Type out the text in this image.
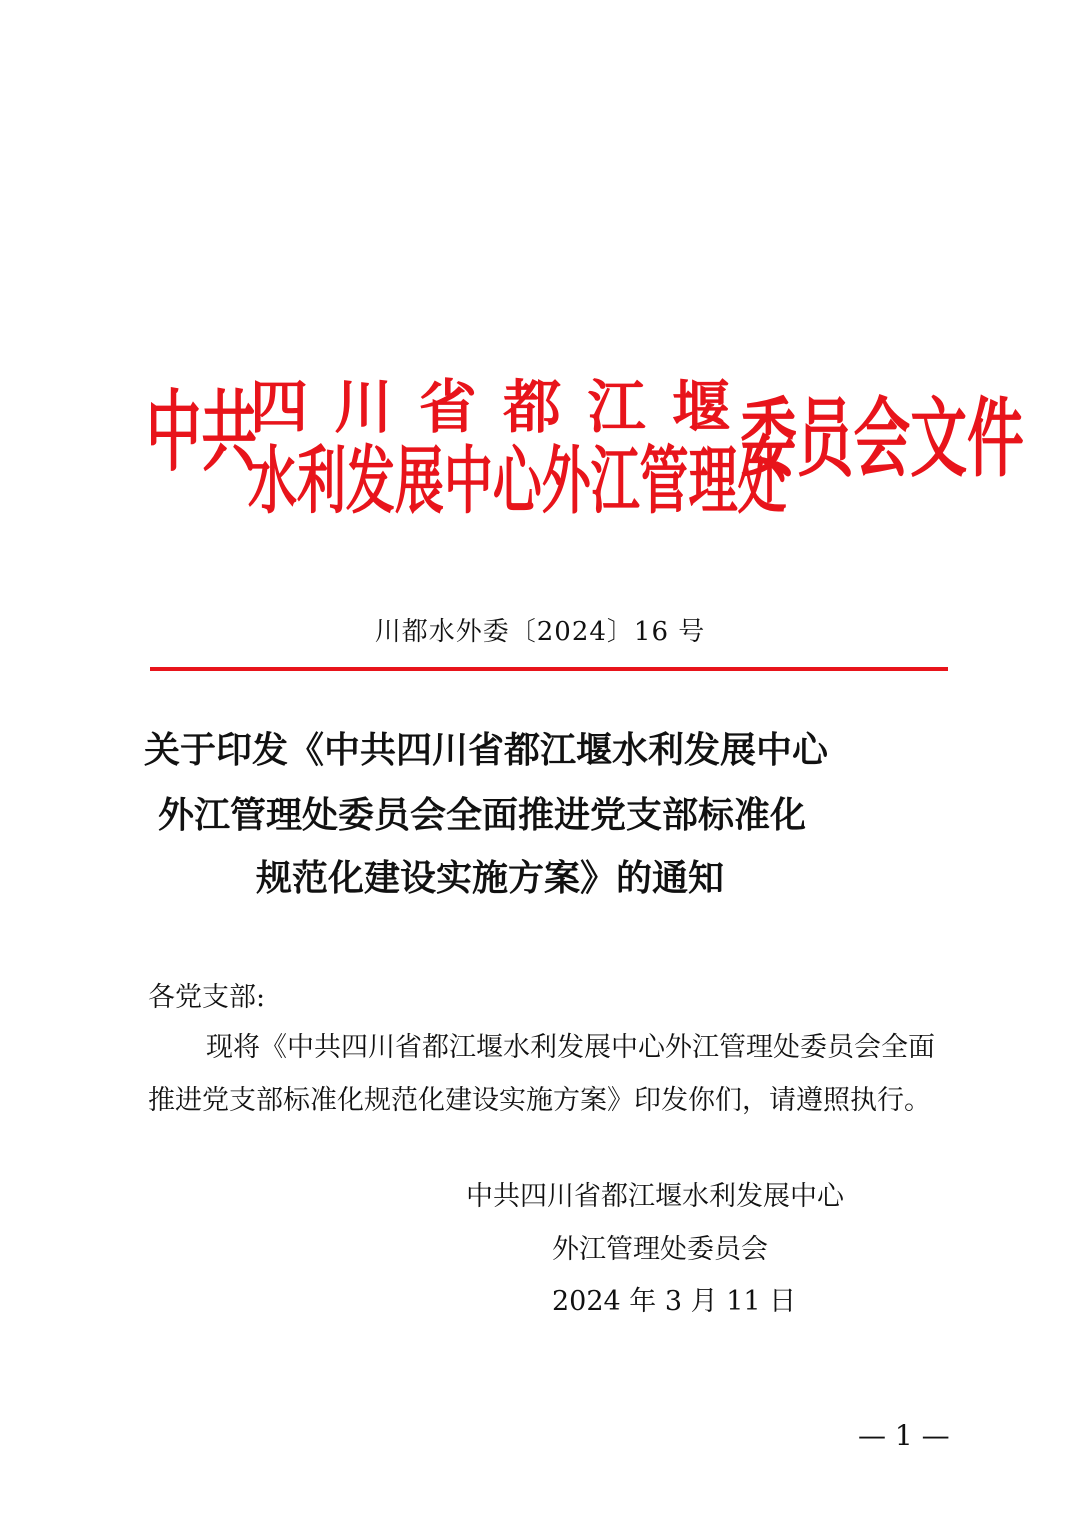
中共
四 川 省 都 江 堰
水利发展中心外江管理处
委员会文件
川都水外委〔2024〕16 号
关于印发《中共四川省都江堰水利发展中心
外江管理处委员会全面推进党支部标准化
规范化建设实施方案》的通知
各党支部:
现将《中共四川省都江堰水利发展中心外江管理处委员会全面
推进党支部标准化规范化建设实施方案》印发你们，请遵照执行。
中共四川省都江堰水利发展中心
外江管理处委员会
2024 年 3 月 11 日
— 1 —
